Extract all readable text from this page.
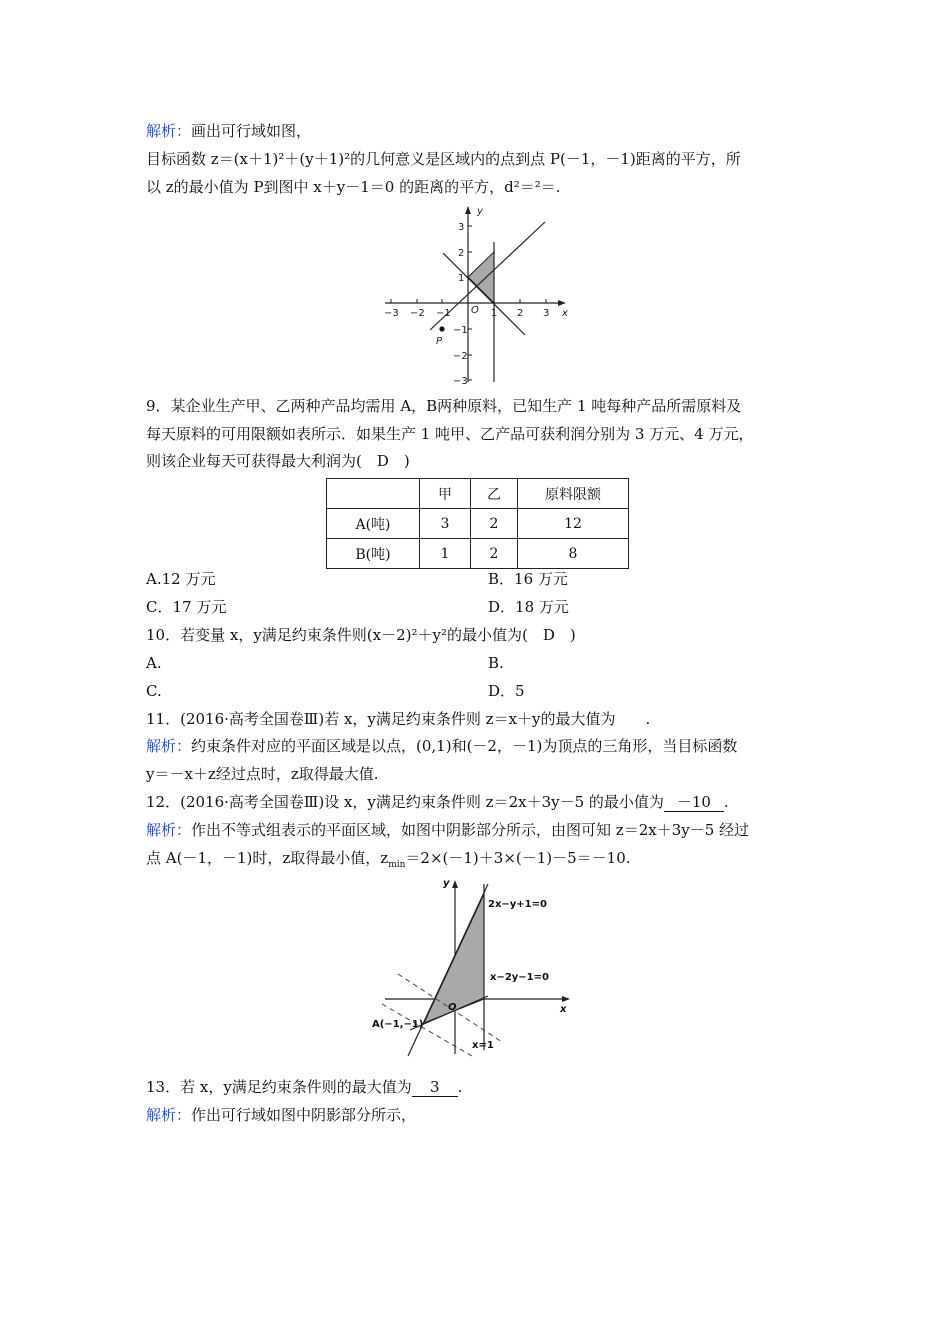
解析：画出可行域如图，
目标函数 z＝(x＋1)²＋(y＋1)²的几何意义是区域内的点到点 P(－1，－1)距离的平方，所
以 z的最小值为 P到图中 x＋y－1＝0 的距离的平方，d²＝²＝.
x
y
O
P
−3 −2 −1	1 2 3
3
2
1
−1
−2
−3
9．某企业生产甲、乙两种产品均需用 A，B两种原料，已知生产 1 吨每种产品所需原料及
每天原料的可用限额如表所示．如果生产 1 吨甲、乙产品可获利润分别为 3 万元、4 万元，
则该企业每天可获得最大利润为(　D　)
	甲	乙	原料限额
A(吨)	3	2	12
B(吨)	1	2	8
A.12 万元	B．16 万元
C．17 万元	D．18 万元
10．若变量 x，y满足约束条件则(x－2)²＋y²的最小值为(　D　)
A.	B.
C.	D．5
11．(2016·高考全国卷Ⅲ)若 x，y满足约束条件则 z＝x＋y的最大值为　　.
解析：约束条件对应的平面区域是以点，(0,1)和(－2，－1)为顶点的三角形，当目标函数
y＝－x＋z经过点时，z取得最大值.
12．(2016·高考全国卷Ⅲ)设 x，y满足约束条件则 z＝2x＋3y－5 的最小值为 －10 .
解析：作出不等式组表示的平面区域，如图中阴影部分所示，由图可知 z＝2x＋3y－5 经过
点 A(－1，－1)时，z取得最小值，$z_{min}=2\times(-1)+3\times(-1)-5=-10$.
y
x
O
2x−y+1=0
x−2y−1=0
x=1
A(−1,−1)
13．若 x，y满足约束条件则的最大值为 3 .
解析：作出可行域如图中阴影部分所示，
